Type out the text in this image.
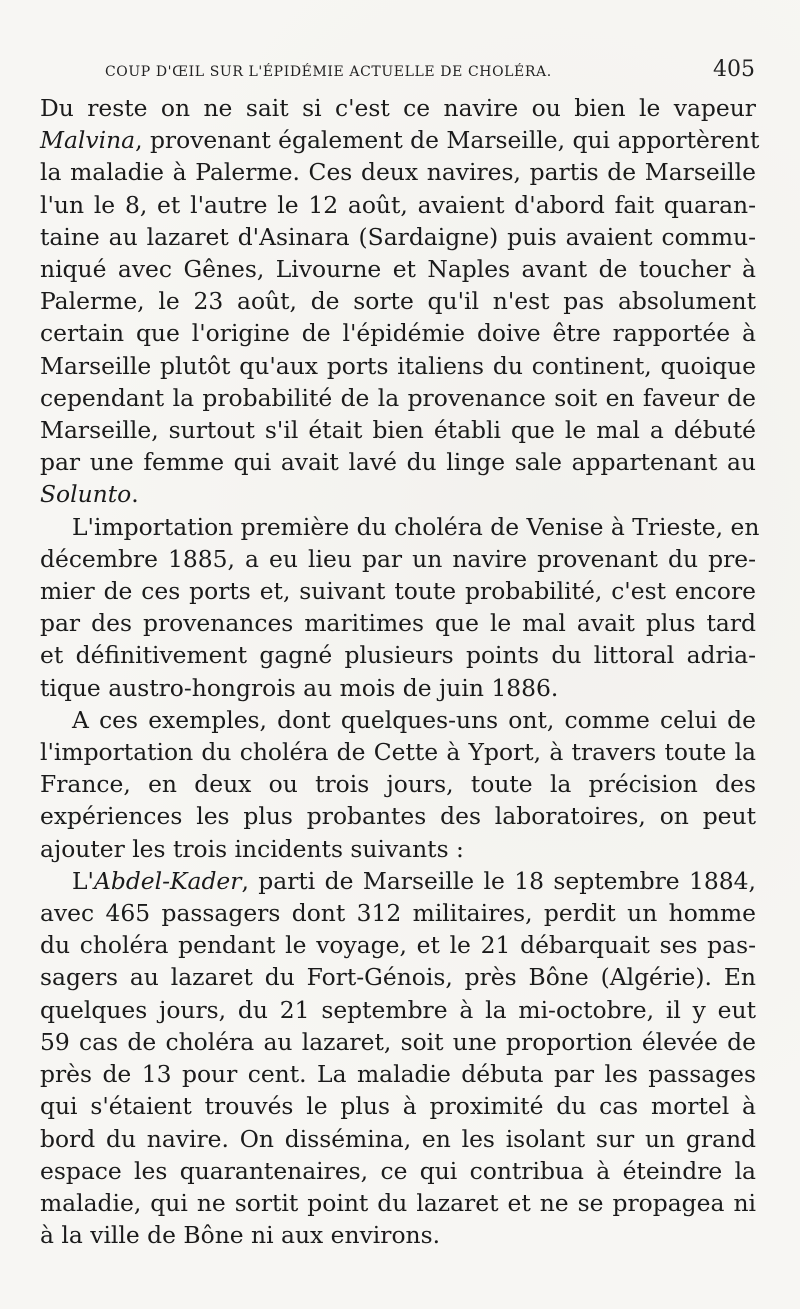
COUP D'ŒIL SUR L'ÉPIDÉMIE ACTUELLE DE CHOLÉRA.	405

Du reste on ne sait si c'est ce navire ou bien le vapeur
Malvina, provenant également de Marseille, qui apportèrent
la maladie à Palerme. Ces deux navires, partis de Marseille
l'un le 8, et l'autre le 12 août, avaient d'abord fait quaran-
taine au lazaret d'Asinara (Sardaigne) puis avaient commu-
niqué avec Gênes, Livourne et Naples avant de toucher à
Palerme, le 23 août, de sorte qu'il n'est pas absolument
certain que l'origine de l'épidémie doive être rapportée à
Marseille plutôt qu'aux ports italiens du continent, quoique
cependant la probabilité de la provenance soit en faveur de
Marseille, surtout s'il était bien établi que le mal a débuté
par une femme qui avait lavé du linge sale appartenant au
Solunto.

L'importation première du choléra de Venise à Trieste, en
décembre 1885, a eu lieu par un navire provenant du pre-
mier de ces ports et, suivant toute probabilité, c'est encore
par des provenances maritimes que le mal avait plus tard
et définitivement gagné plusieurs points du littoral adria-
tique austro-hongrois au mois de juin 1886.

A ces exemples, dont quelques-uns ont, comme celui de
l'importation du choléra de Cette à Yport, à travers toute la
France, en deux ou trois jours, toute la précision des
expériences les plus probantes des laboratoires, on peut
ajouter les trois incidents suivants :

L'Abdel-Kader, parti de Marseille le 18 septembre 1884,
avec 465 passagers dont 312 militaires, perdit un homme
du choléra pendant le voyage, et le 21 débarquait ses pas-
sagers au lazaret du Fort-Génois, près Bône (Algérie). En
quelques jours, du 21 septembre à la mi-octobre, il y eut
59 cas de choléra au lazaret, soit une proportion élevée de
près de 13 pour cent. La maladie débuta par les passages
qui s'étaient trouvés le plus à proximité du cas mortel à
bord du navire. On dissémina, en les isolant sur un grand
espace les quarantenaires, ce qui contribua à éteindre la
maladie, qui ne sortit point du lazaret et ne se propagea ni
à la ville de Bône ni aux environs.
